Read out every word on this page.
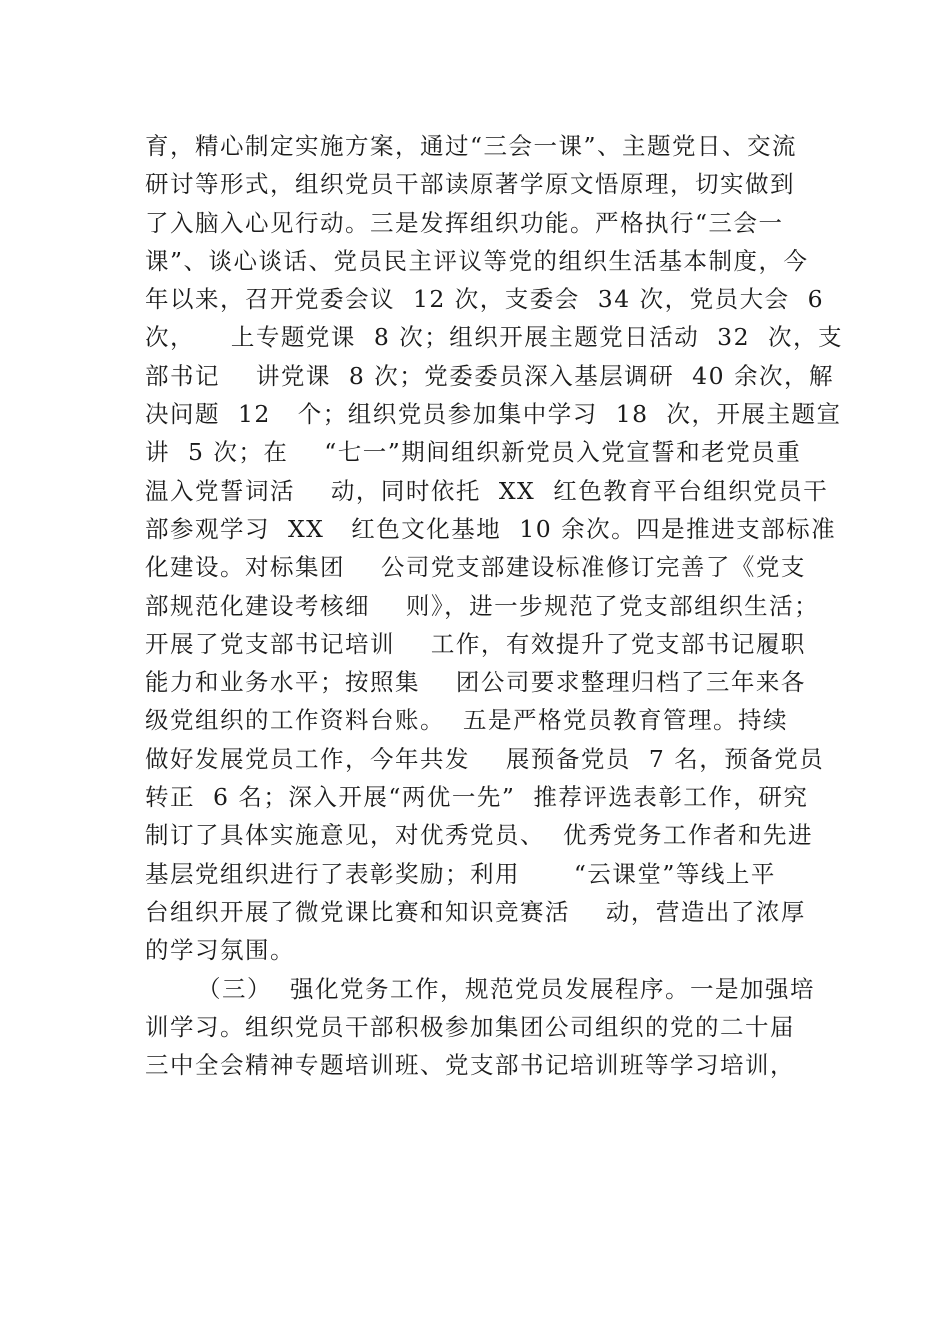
育，精心制定实施方案，通过“三会一课”、主题党日、交流
研讨等形式，组织党员干部读原著学原文悟原理，切实做到
了入脑入心见行动。三是发挥组织功能。严格执行“三会一
课”、谈心谈话、党员民主评议等党的组织生活基本制度，今
年以来，召开党委会议  12 次，支委会  34 次，党员大会  6
次，    上专题党课  8 次；组织开展主题党日活动  32  次，支
部书记    讲党课  8 次；党委委员深入基层调研  40 余次，解
决问题  12   个；组织党员参加集中学习  18  次，开展主题宣
讲  5 次；在    “七一”期间组织新党员入党宣誓和老党员重
温入党誓词活    动，同时依托  XX  红色教育平台组织党员干
部参观学习  XX   红色文化基地  10 余次。四是推进支部标准
化建设。对标集团    公司党支部建设标准修订完善了《党支
部规范化建设考核细    则》，进一步规范了党支部组织生活；
开展了党支部书记培训    工作，有效提升了党支部书记履职
能力和业务水平；按照集    团公司要求整理归档了三年来各
级党组织的工作资料台账。  五是严格党员教育管理。持续
做好发展党员工作，今年共发    展预备党员  7 名，预备党员
转正  6 名；深入开展“两优一先”  推荐评选表彰工作，研究
制订了具体实施意见，对优秀党员、  优秀党务工作者和先进
基层党组织进行了表彰奖励；利用      “云课堂”等线上平
台组织开展了微党课比赛和知识竞赛活    动，营造出了浓厚
的学习氛围。
（三）  强化党务工作，规范党员发展程序。一是加强培
训学习。组织党员干部积极参加集团公司组织的党的二十届
三中全会精神专题培训班、党支部书记培训班等学习培训，
